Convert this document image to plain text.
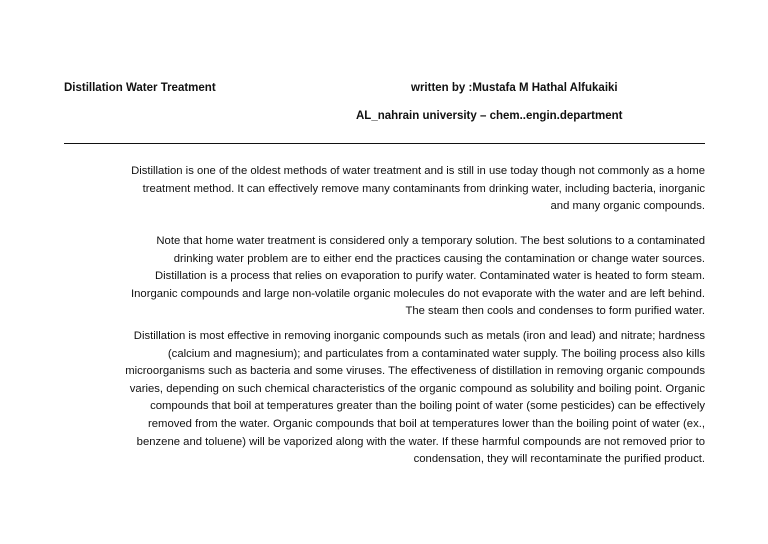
Distillation Water Treatment	written by :Mustafa M Hathal Alfukaiki
AL_nahrain university – chem..engin.department

Distillation is one of the oldest methods of water treatment and is still in use today though not commonly as a home
treatment method. It can effectively remove many contaminants from drinking water, including bacteria, inorganic
and many organic compounds.

Note that home water treatment is considered only a temporary solution. The best solutions to a contaminated
drinking water problem are to either end the practices causing the contamination or change water sources.
Distillation is a process that relies on evaporation to purify water. Contaminated water is heated to form steam.
Inorganic compounds and large non-volatile organic molecules do not evaporate with the water and are left behind.
The steam then cools and condenses to form purified water.

Distillation is most effective in removing inorganic compounds such as metals (iron and lead) and nitrate; hardness
(calcium and magnesium); and particulates from a contaminated water supply. The boiling process also kills
microorganisms such as bacteria and some viruses. The effectiveness of distillation in removing organic compounds
varies, depending on such chemical characteristics of the organic compound as solubility and boiling point. Organic
compounds that boil at temperatures greater than the boiling point of water (some pesticides) can be effectively
removed from the water. Organic compounds that boil at temperatures lower than the boiling point of water (ex.,
benzene and toluene) will be vaporized along with the water. If these harmful compounds are not removed prior to
condensation, they will recontaminate the purified product.
